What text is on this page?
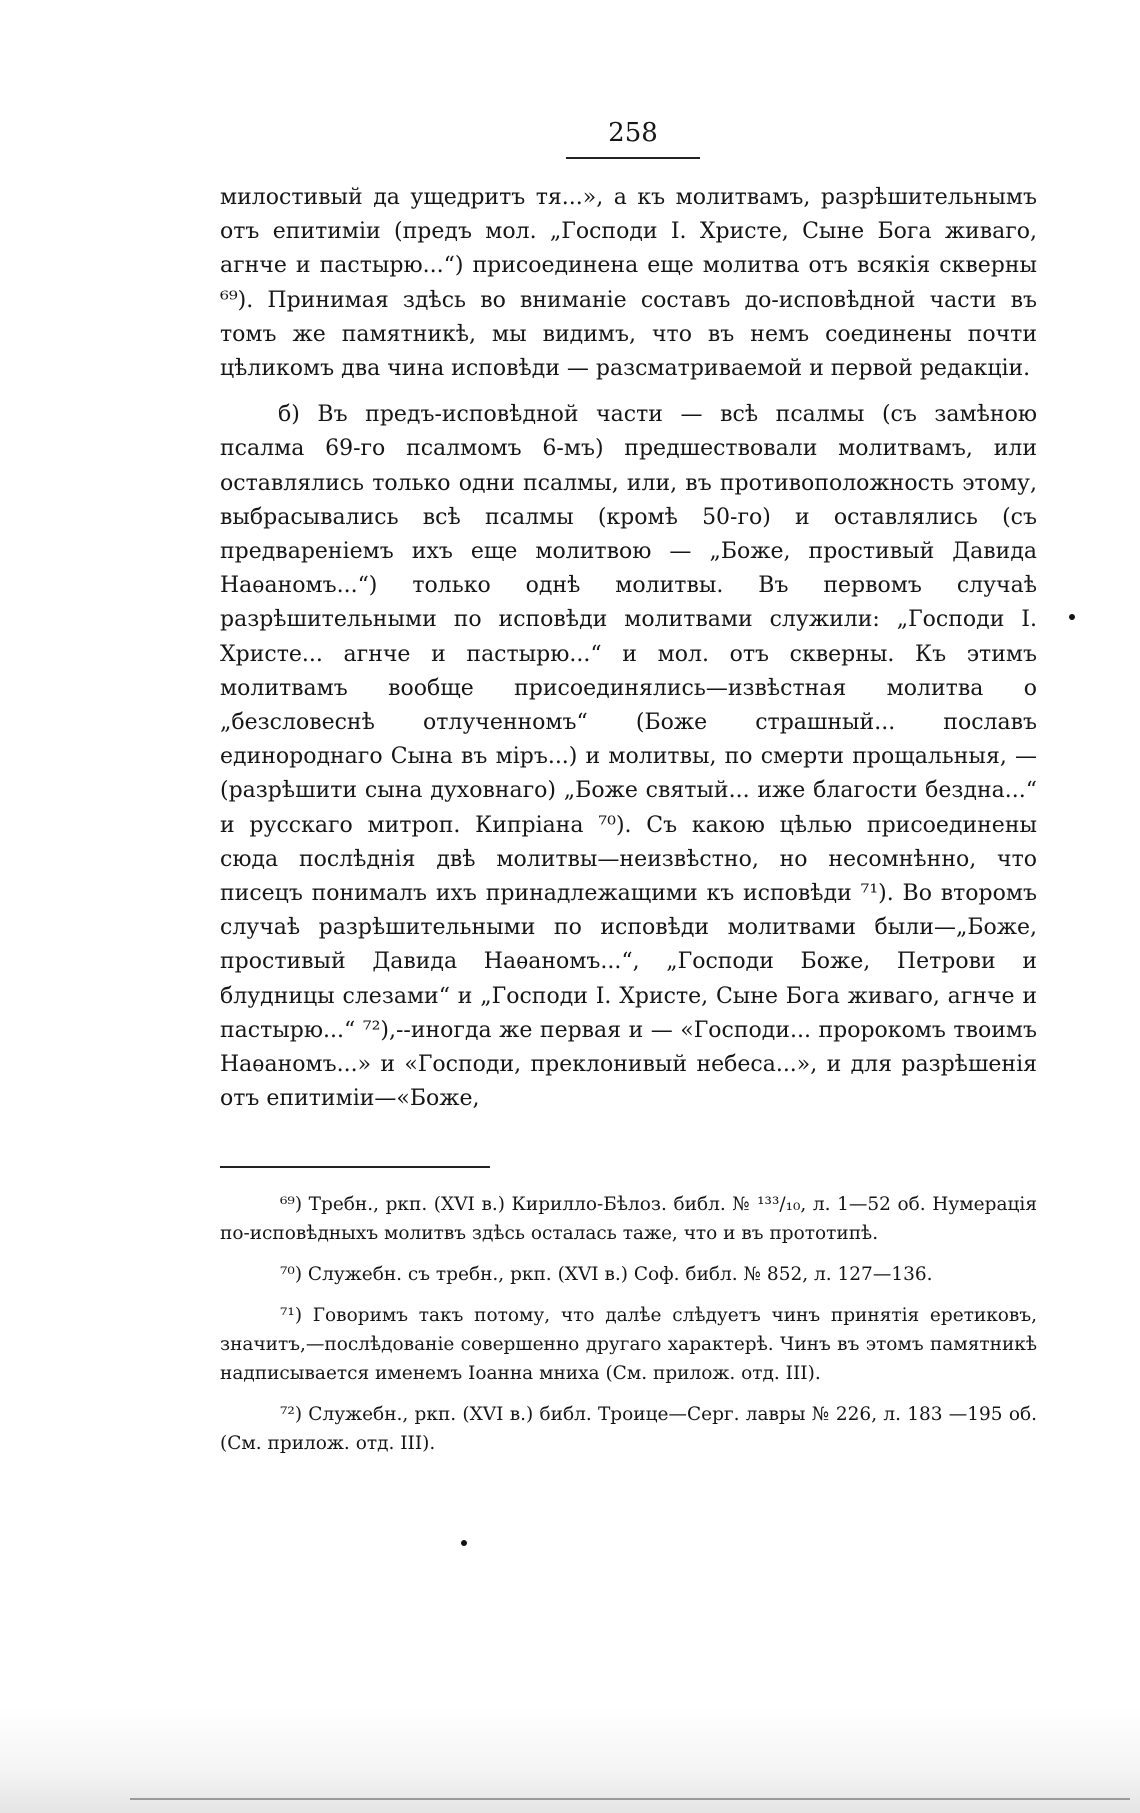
258

милостивый да ущедритъ тя...», а къ молитвамъ, разрѣшительнымъ отъ епитиміи (предъ мол. „Господи I. Христе, Сыне Бога живаго, агнче и пастырю...“) присоединена еще молитва отъ всякія скверны ⁶⁹). Принимая здѣсь во вниманіе составъ до-исповѣдной части въ томъ же памятникѣ, мы видимъ, что въ немъ соединены почти цѣликомъ два чина исповѣди — разсматриваемой и первой редакціи.

б) Въ предъ-исповѣдной части — всѣ псалмы (съ замѣною псалма 69-го псалмомъ 6-мъ) предшествовали молитвамъ, или оставлялись только одни псалмы, или, въ противоположность этому, выбрасывались всѣ псалмы (кромѣ 50-го) и оставлялись (съ предвареніемъ ихъ еще молитвою — „Боже, простивый Давида Наѳаномъ...“) только однѣ молитвы. Въ первомъ случаѣ разрѣшительными по исповѣди молитвами служили: „Господи I. Христе... агнче и пастырю...“ и мол. отъ скверны. Къ этимъ молитвамъ вообще присоединялись—извѣстная молитва о „безсловеснѣ отлученномъ“ (Боже страшный... пославъ единороднаго Сына въ міръ...) и молитвы, по смерти прощальныя, — (разрѣшити сына духовнаго) „Боже святый... иже благости бездна...“ и русскаго митроп. Кипріана ⁷⁰). Съ какою цѣлью присоединены сюда послѣднія двѣ молитвы—неизвѣстно, но несомнѣнно, что писецъ понималъ ихъ принадлежащими къ исповѣди ⁷¹). Во второмъ случаѣ разрѣшительными по исповѣди молитвами были—„Боже, простивый Давида Наѳаномъ...“, „Господи Боже, Петрови и блудницы слезами“ и „Господи I. Христе, Сыне Бога живаго, агнче и пастырю...“ ⁷²),--иногда же первая и — «Господи... пророкомъ твоимъ Наѳаномъ...» и «Господи, преклонивый небеса...», и для разрѣшенія отъ епитиміи—«Боже,

⁶⁹) Требн., ркп. (XVI в.) Кирилло-Бѣлоз. библ. № ¹³³/₁₀, л. 1—52 об. Нумерація по-исповѣдныхъ молитвъ здѣсь осталась таже, что и въ прототипѣ.

⁷⁰) Служебн. съ требн., ркп. (XVI в.) Соф. библ. № 852, л. 127—136.

⁷¹) Говоримъ такъ потому, что далѣе слѣдуетъ чинъ принятія еретиковъ, значитъ,—послѣдованіе совершенно другаго характерѣ. Чинъ въ этомъ памятникѣ надписывается именемъ Іоанна мниха (См. прилож. отд. III).

⁷²) Служебн., ркп. (XVI в.) библ. Троице—Серг. лавры № 226, л. 183 —195 об. (См. прилож. отд. III).
